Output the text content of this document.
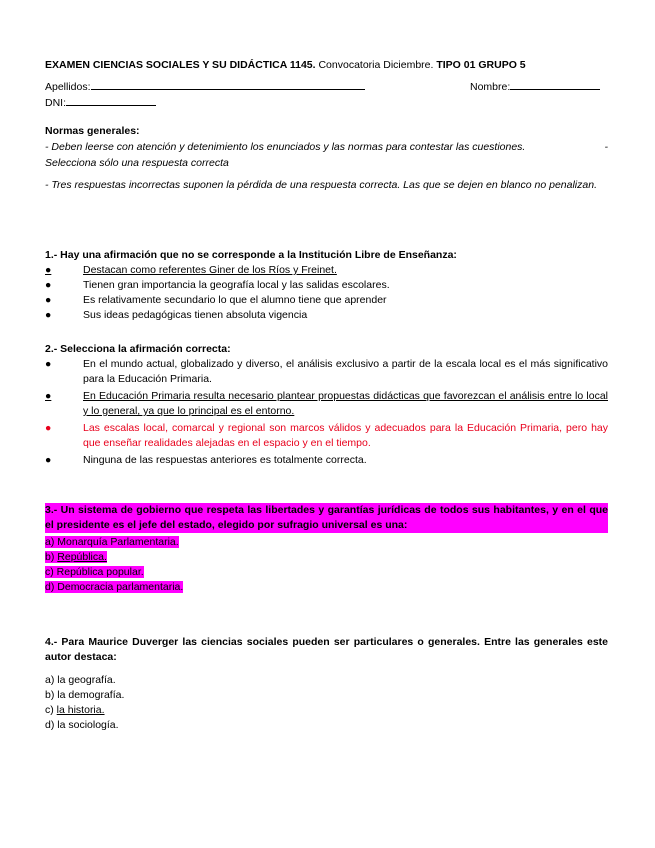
EXAMEN CIENCIAS SOCIALES Y SU DIDÁCTICA 1145. Convocatoria Diciembre. TIPO 01 GRUPO 5
Apellidos:	Nombre:
DNI:
Normas generales:
- Deben leerse con atención y detenimiento los enunciados y las normas para contestar las cuestiones.	-
Selecciona sólo una respuesta correcta
- Tres respuestas incorrectas suponen la pérdida de una respuesta correcta. Las que se dejen en blanco no penalizan.
1.- Hay una afirmación que no se corresponde a la Institución Libre de Enseñanza:
●	Destacan como referentes Giner de los Ríos y Freinet.
●	Tienen gran importancia la geografía local y las salidas escolares.
●	Es relativamente secundario lo que el alumno tiene que aprender
●	Sus ideas pedagógicas tienen absoluta vigencia
2.- Selecciona la afirmación correcta:
●	En el mundo actual, globalizado y diverso, el análisis exclusivo a partir de la escala local es el más significativo para la Educación Primaria.
●	En Educación Primaria resulta necesario plantear propuestas didácticas que favorezcan el análisis entre lo local y lo general, ya que lo principal es el entorno.
●	Las escalas local, comarcal y regional son marcos válidos y adecuados para la Educación Primaria, pero hay que enseñar realidades alejadas en el espacio y en el tiempo.
●	Ninguna de las respuestas anteriores es totalmente correcta.
3.- Un sistema de gobierno que respeta las libertades y garantías jurídicas de todos sus habitantes, y en el que el presidente es el jefe del estado, elegido por sufragio universal es una:
a) Monarquía Parlamentaria.
b) República.
c) República popular.
d) Democracia parlamentaria.
4.- Para Maurice Duverger las ciencias sociales pueden ser particulares o generales. Entre las generales este autor destaca:
a) la geografía.
b) la demografía.
c) la historia.
d) la sociología.
